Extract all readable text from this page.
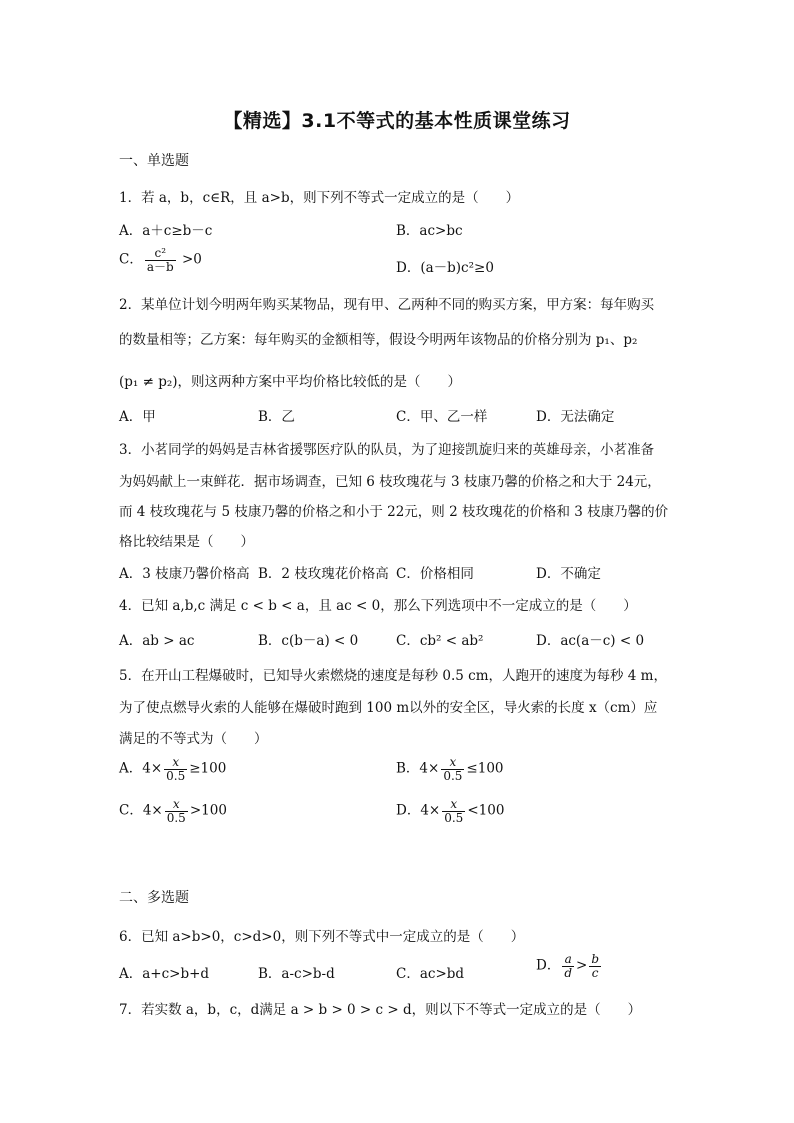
【精选】3.1不等式的基本性质课堂练习
一、单选题
1．若 a，b，c∈R，且 a>b，则下列不等式一定成立的是（　　）
A．a＋c≥b－c	B．ac>bc
C． $\frac{\text{c²}}{a-b} >0$
D．(a－b)c²≥0
2．某单位计划今明两年购买某物品，现有甲、乙两种不同的购买方案，甲方案：每年购买
的数量相等；乙方案：每年购买的金额相等，假设今明两年该物品的价格分别为 p₁、p₂
(p₁ ≠ p₂)，则这两种方案中平均价格比较低的是（　　）
A．甲	B．乙	C．甲、乙一样	D．无法确定
3．小茗同学的妈妈是吉林省援鄂医疗队的队员，为了迎接凯旋归来的英雄母亲，小茗准备
为妈妈献上一束鲜花．据市场调查，已知 6 枝玫瑰花与 3 枝康乃馨的价格之和大于 24元，
而 4 枝玫瑰花与 5 枝康乃馨的价格之和小于 22元，则 2 枝玫瑰花的价格和 3 枝康乃馨的价
格比较结果是（　　）
A．3 枝康乃馨价格高 B．2 枝玫瑰花价格高 C．价格相同	D．不确定
4．已知 a,b,c 满足 c < b < a，且 ac < 0，那么下列选项中不一定成立的是（　　）
A．ab > ac	B．c(b－a) < 0	C．cb² < ab²	D．ac(a－c) < 0
5．在开山工程爆破时，已知导火索燃烧的速度是每秒 0.5 cm，人跑开的速度为每秒 4 m，
为了使点燃导火索的人能够在爆破时跑到 100 m以外的安全区，导火索的长度 x（cm）应
满足的不等式为（　　）
A．$4\times \frac{x}{0.5} \ge 100$	B．$4\times \frac{x}{0.5} \le 100$
C．$4\times \frac{x}{0.5} >100$	D．$4\times \frac{x}{0.5} <100$
二、多选题
6．已知 a>b>0，c>d>0，则下列不等式中一定成立的是（　　）
A．a+c>b+d	B．a-c>b-d	C．ac>bd
D． $\frac{a}{d} > \frac{b}{c}$
7．若实数 a，b，c，d满足 a > b > 0 > c > d，则以下不等式一定成立的是（　　）
